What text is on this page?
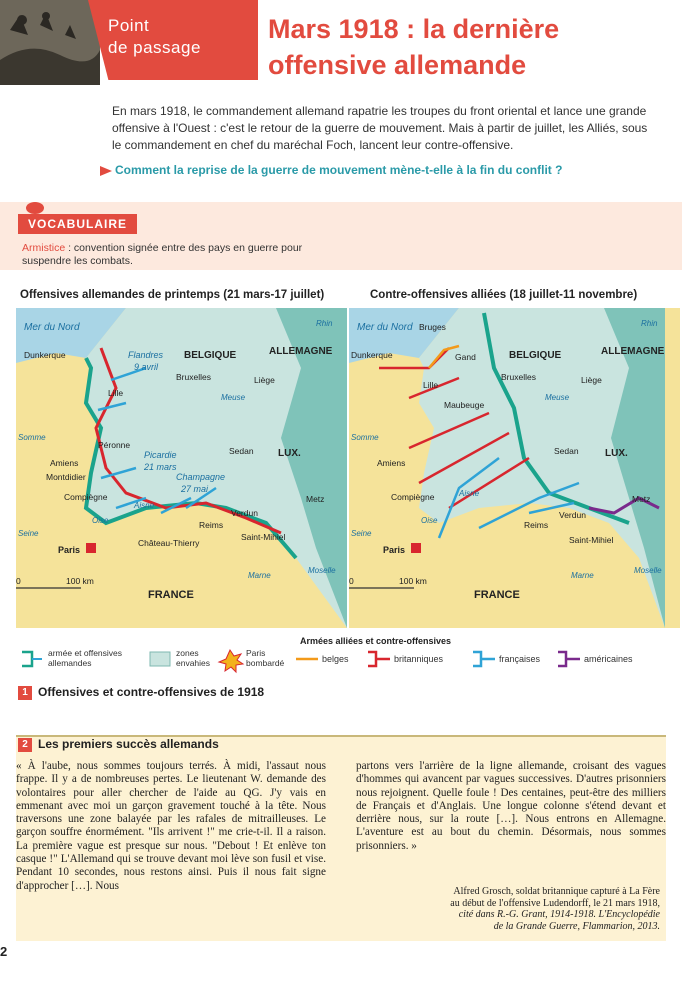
Point
de passage
Mars 1918 : la dernière
offensive allemande
En mars 1918, le commandement allemand rapatrie les troupes du front oriental et lance une grande offensive à l'Ouest : c'est le retour de la guerre de mouvement. Mais à partir de juillet, les Alliés, sous le commandement en chef du maréchal Foch, lancent leur contre-offensive.
Comment la reprise de la guerre de mouvement mène-t-elle à la fin du conflit ?
VOCABULAIRE
Armistice : convention signée entre des pays en guerre pour suspendre les combats.
Offensives allemandes de printemps (21 mars-17 juillet)	Contre-offensives alliées (18 juillet-11 novembre)
Mer du Nord
Dunkerque	Flandres
9 avril
BELGIQUE	ALLEMAGNE
Bruxelles
Lille
Liège
Meuse
Somme
Péronne
Amiens
Picardie
21 mars
Sedan LUX.
Montdidier	Champagne
27 mai
Compiègne
Aisne
Oise
Verdun
Metz
Reims
Seine
Château-Thierry
Saint-Mihiel
Paris
Moselle
Marne
FRANCE
Rhin
0	100 km
Mer du Nord Bruges
Dunkerque	Gand	BELGIQUE	ALLEMAGNE
Bruxelles
Lille	Liège
Maubeuge
Meuse
Somme
Amiens
Sedan	LUX.
Compiègne	Aisne
Oise
Metz
Verdun
Reims
Seine
Saint-Mihiel
Paris
Moselle
Marne
FRANCE
Rhin
0	100 km
armée et offensives
allemandes
zones
envahies
Paris
bombardé
Armées alliées et contre-offensives
belges	britanniques	françaises	américaines
1 Offensives et contre-offensives de 1918
2 Les premiers succès allemands
« À l'aube, nous sommes toujours terrés. À midi, l'assaut nous frappe. Il y a de nombreuses pertes. Le lieutenant W. demande des volontaires pour aller chercher de l'aide au QG. J'y vais en emmenant avec moi un garçon gravement touché à la tête. Nous traversons une zone balayée par les rafales de mitrailleuses. Le garçon souffre énormément. "Ils arrivent !" me crie-t-il. Il a raison. La première vague est presque sur nous. "Debout ! Et enlève ton casque !" L'Allemand qui se trouve devant moi lève son fusil et vise. Pendant 10 secondes, nous restons ainsi. Puis il nous fait signe d'approcher […]. Nous
partons vers l'arrière de la ligne allemande, croisant des vagues d'hommes qui avancent par vagues successives. D'autres prisonniers nous rejoignent. Quelle foule ! Des centaines, peut-être des milliers de Français et d'Anglais. Une longue colonne s'étend devant et derrière nous, sur la route […]. Nous entrons en Allemagne. L'aventure est au bout du chemin. Désormais, nous sommes prisonniers. »
Alfred Grosch, soldat britannique capturé à La Fère
au début de l'offensive Ludendorff, le 21 mars 1918,
cité dans R.-G. Grant, 1914-1918. L'Encyclopédie
de la Grande Guerre, Flammarion, 2013.
2
